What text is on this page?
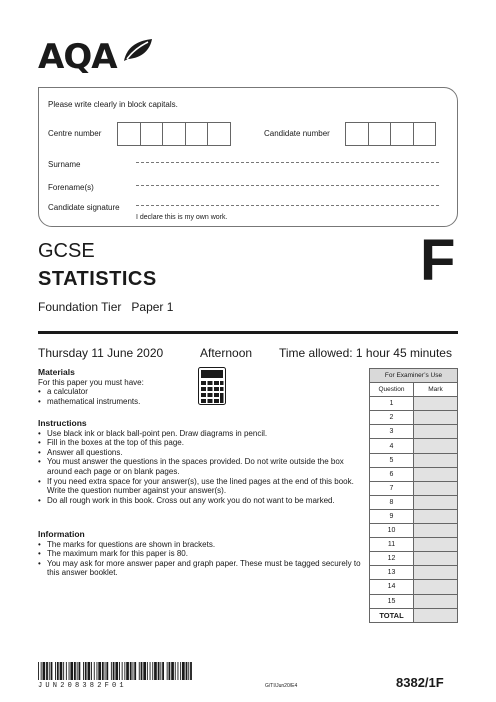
AQA
Please write clearly in block capitals.
Centre number	Candidate number
Surname
Forename(s)
Candidate signature
I declare this is my own work.
GCSE
STATISTICS
Foundation Tier   Paper 1
F
Thursday 11 June 2020	Afternoon Time allowed: 1 hour 45 minutes
Materials
For this paper you must have:
• a calculator
• mathematical instruments.
Instructions
• Use black ink or black ball-point pen. Draw diagrams in pencil.
• Fill in the boxes at the top of this page.
• Answer all questions.
• You must answer the questions in the spaces provided. Do not write outside the box around each page or on blank pages.
• If you need extra space for your answer(s), use the lined pages at the end of this book. Write the question number against your answer(s).
• Do all rough work in this book. Cross out any work you do not want to be marked.
Information
• The marks for questions are shown in brackets.
• The maximum mark for this paper is 80.
• You may ask for more answer paper and graph paper. These must be tagged securely to this answer booklet.
For Examiner’s Use	
Question	Mark
1	
2	
3	
4	
5	
6	
7	
8	
9	
10	
11	
12	
13	
14	
15	
TOTAL	
JUN208382F01	G/TI/Jun20/E4	8382/1F
